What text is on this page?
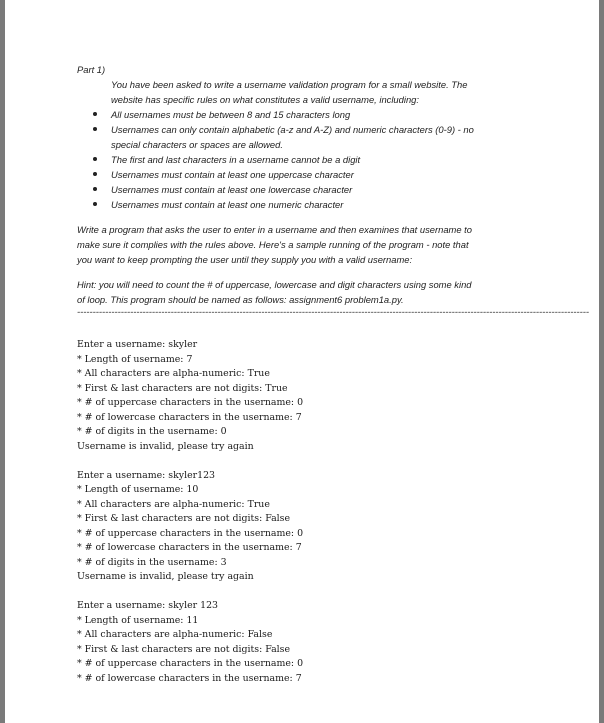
Part 1)
You have been asked to write a username validation program for a small website. The
website has specific rules on what constitutes a valid username, including:
All usernames must be between 8 and 15 characters long
Usernames can only contain alphabetic (a-z and A-Z) and numeric characters (0-9) - no
special characters or spaces are allowed.
The first and last characters in a username cannot be a digit
Usernames must contain at least one uppercase character
Usernames must contain at least one lowercase character
Usernames must contain at least one numeric character
Write a program that asks the user to enter in a username and then examines that username to
make sure it complies with the rules above. Here's a sample running of the program - note that
you want to keep prompting the user until they supply you with a valid username:
Hint: you will need to count the # of uppercase, lowercase and digit characters using some kind
of loop. This program should be named as follows: assignment6 problem1a.py.
--------------------------------------------------------------------------------------------------------------------------------------------------------------------
Enter a username: skyler
* Length of username: 7
* All characters are alpha-numeric: True
* First & last characters are not digits: True
* # of uppercase characters in the username: 0
* # of lowercase characters in the username: 7
* # of digits in the username: 0
Username is invalid, please try again
Enter a username: skyler123
* Length of username: 10
* All characters are alpha-numeric: True
* First & last characters are not digits: False
* # of uppercase characters in the username: 0
* # of lowercase characters in the username: 7
* # of digits in the username: 3
Username is invalid, please try again
Enter a username: skyler 123
* Length of username: 11
* All characters are alpha-numeric: False
* First & last characters are not digits: False
* # of uppercase characters in the username: 0
* # of lowercase characters in the username: 7
